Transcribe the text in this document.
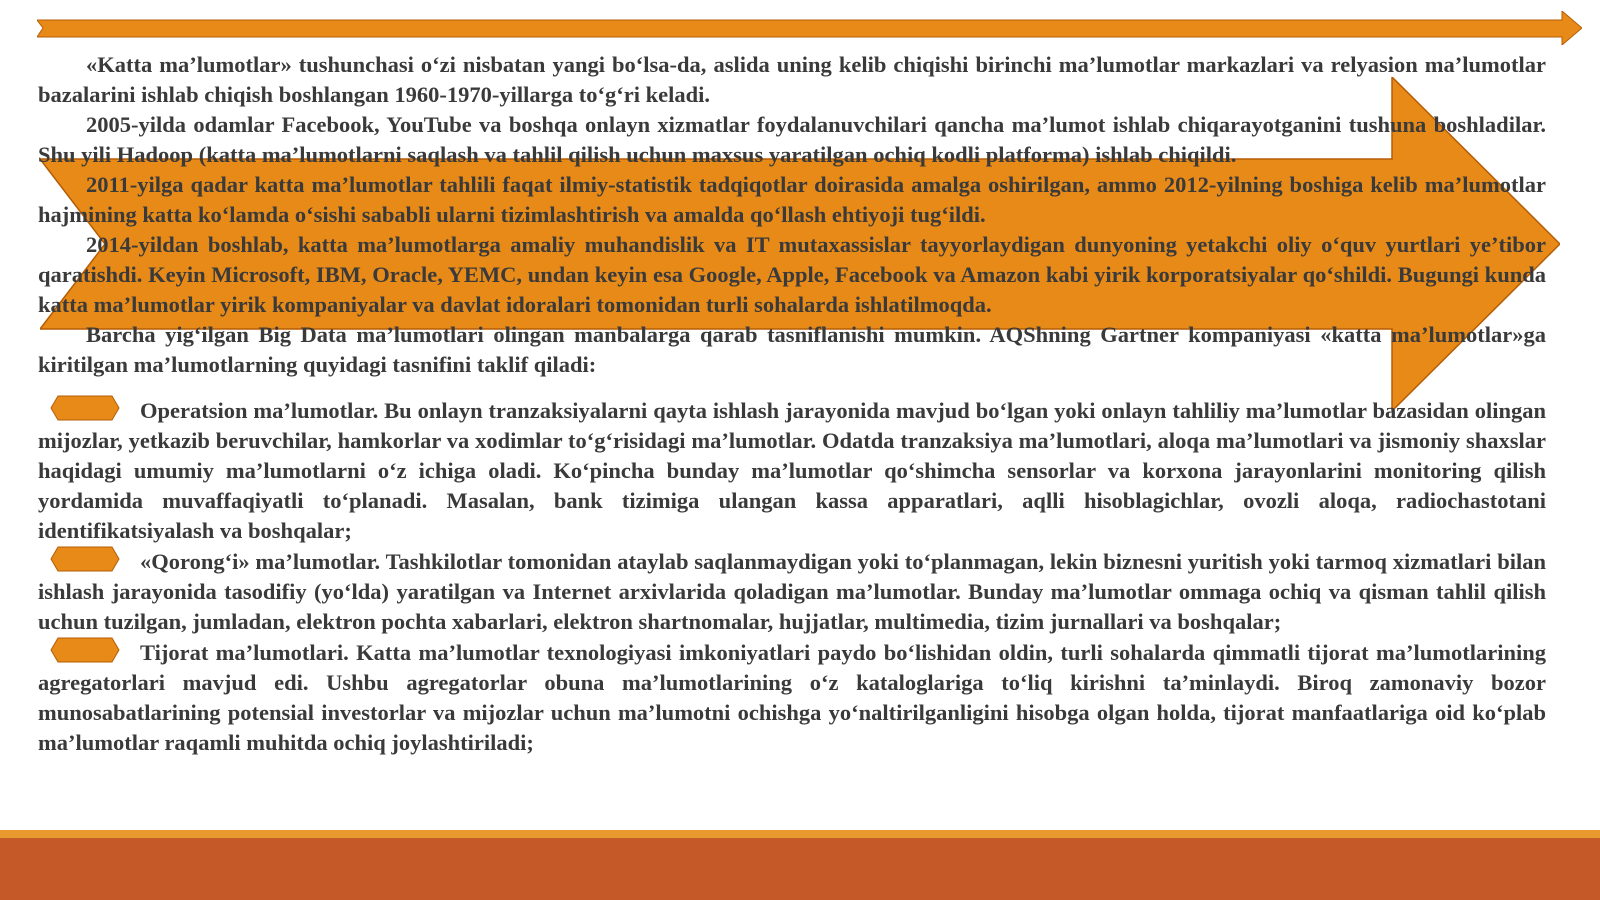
«Katta ma’lumotlar» tushunchasi o‘zi nisbatan yangi bo‘lsa-da, aslida uning kelib chiqishi birinchi ma’lumotlar markazlari va relyasion ma’lumotlar bazalarini ishlab chiqish boshlangan 1960-1970-yillarga to‘g‘ri keladi.

2005-yilda odamlar Facebook, YouTube va boshqa onlayn xizmatlar foydalanuvchilari qancha ma’lumot ishlab chiqarayotganini tushuna boshladilar. Shu yili Hadoop (katta ma’lumotlarni saqlash va tahlil qilish uchun maxsus yaratilgan ochiq kodli platforma) ishlab chiqildi.

2011-yilga qadar katta ma’lumotlar tahlili faqat ilmiy-statistik tadqiqotlar doirasida amalga oshirilgan, ammo 2012-yilning boshiga kelib ma’lumotlar hajmining katta ko‘lamda o‘sishi sababli ularni tizimlashtirish va amalda qo‘llash ehtiyoji tug‘ildi.

2014-yildan boshlab, katta ma’lumotlarga amaliy muhandislik va IT mutaxassislar tayyorlaydigan dunyoning yetakchi oliy o‘quv yurtlari ye’tibor qaratishdi. Keyin Microsoft, IBM, Oracle, YEMC, undan keyin esa Google, Apple, Facebook va Amazon kabi yirik korporatsiyalar qo‘shildi. Bugungi kunda katta ma’lumotlar yirik kompaniyalar va davlat idoralari tomonidan turli sohalarda ishlatilmoqda.

Barcha yig‘ilgan Big Data ma’lumotlari olingan manbalarga qarab tasniflanishi mumkin. AQShning Gartner kompaniyasi «katta ma’lumotlar»ga kiritilgan ma’lumotlarning quyidagi tasnifini taklif qiladi:

Operatsion ma’lumotlar. Bu onlayn tranzaksiyalarni qayta ishlash jarayonida mavjud bo‘lgan yoki onlayn tahliliy ma’lumotlar bazasidan olingan mijozlar, yetkazib beruvchilar, hamkorlar va xodimlar to‘g‘risidagi ma’lumotlar. Odatda tranzaksiya ma’lumotlari, aloqa ma’lumotlari va jismoniy shaxslar haqidagi umumiy ma’lumotlarni o‘z ichiga oladi. Ko‘pincha bunday ma’lumotlar qo‘shimcha sensorlar va korxona jarayonlarini monitoring qilish yordamida muvaffaqiyatli to‘planadi. Masalan, bank tizimiga ulangan kassa apparatlari, aqlli hisoblagichlar, ovozli aloqa, radiochastotani identifikatsiyalash va boshqalar;

«Qorong‘i» ma’lumotlar. Tashkilotlar tomonidan ataylab saqlanmaydigan yoki to‘planmagan, lekin biznesni yuritish yoki tarmoq xizmatlari bilan ishlash jarayonida tasodifiy (yo‘lda) yaratilgan va Internet arxivlarida qoladigan ma’lumotlar. Bunday ma’lumotlar ommaga ochiq va qisman tahlil qilish uchun tuzilgan, jumladan, elektron pochta xabarlari, elektron shartnomalar, hujjatlar, multimedia, tizim jurnallari va boshqalar;

Tijorat ma’lumotlari. Katta ma’lumotlar texnologiyasi imkoniyatlari paydo bo‘lishidan oldin, turli sohalarda qimmatli tijorat ma’lumotlarining agregatorlari mavjud edi. Ushbu agregatorlar obuna ma’lumotlarining o‘z kataloglariga to‘liq kirishni ta’minlaydi. Biroq zamonaviy bozor munosabatlarining potensial investorlar va mijozlar uchun ma’lumotni ochishga yo‘naltirilganligini hisobga olgan holda, tijorat manfaatlariga oid ko‘plab ma’lumotlar raqamli muhitda ochiq joylashtiriladi;
